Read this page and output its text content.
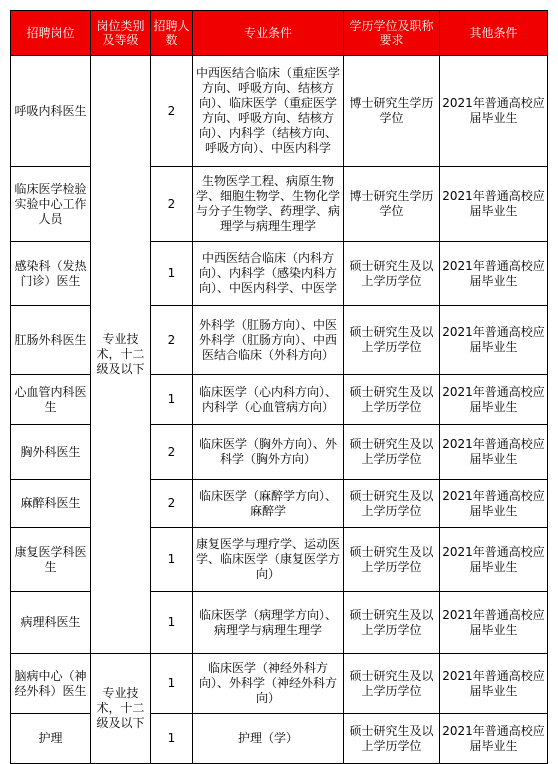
招聘岗位	岗位类别及等级	招聘人数	专业条件	学历学位及职称要求	其他条件
呼吸内科医生	专业技术，十二级及以下	2	中西医结合临床（重症医学方向、呼吸方向、结核方向）、临床医学（重症医学方向、呼吸方向、结核方向）、内科学（结核方向、呼吸方向）、中医内科学	博士研究生学历学位	2021年普通高校应届毕业生
临床医学检验实验中心工作人员		2	生物医学工程、病原生物学、细胞生物学、生物化学与分子生物学、药理学、病理学与病理生理学	博士研究生学历学位	2021年普通高校应届毕业生
感染科（发热门诊）医生		1	中西医结合临床（内科方向）、内科学（感染内科方向）、中医内科学、中医学	硕士研究生及以上学历学位	2021年普通高校应届毕业生
肛肠外科医生		2	外科学（肛肠方向）、中医外科学（肛肠方向）、中西医结合临床（外科方向）	硕士研究生及以上学历学位	2021年普通高校应届毕业生
心血管内科医生		1	临床医学（心内科方向）、内科学（心血管病方向）	硕士研究生及以上学历学位	2021年普通高校应届毕业生
胸外科医生		2	临床医学（胸外方向）、外科学（胸外方向）	硕士研究生及以上学历学位	2021年普通高校应届毕业生
麻醉科医生		2	临床医学（麻醉学方向）、麻醉学	硕士研究生及以上学历学位	2021年普通高校应届毕业生
康复医学科医生		1	康复医学与理疗学、运动医学、临床医学（康复医学方向）	硕士研究生及以上学历学位	2021年普通高校应届毕业生
病理科医生		1	临床医学（病理学方向）、病理学与病理生理学	硕士研究生及以上学历学位	2021年普通高校应届毕业生
脑病中心（神经外科）医生	专业技术，十二级及以下	1	临床医学（神经外科方向）、外科学（神经外科方向）	硕士研究生及以上学历学位	2021年普通高校应届毕业生
护理		1	护理（学）	硕士研究生及以上学历学位	2021年普通高校应届毕业生
